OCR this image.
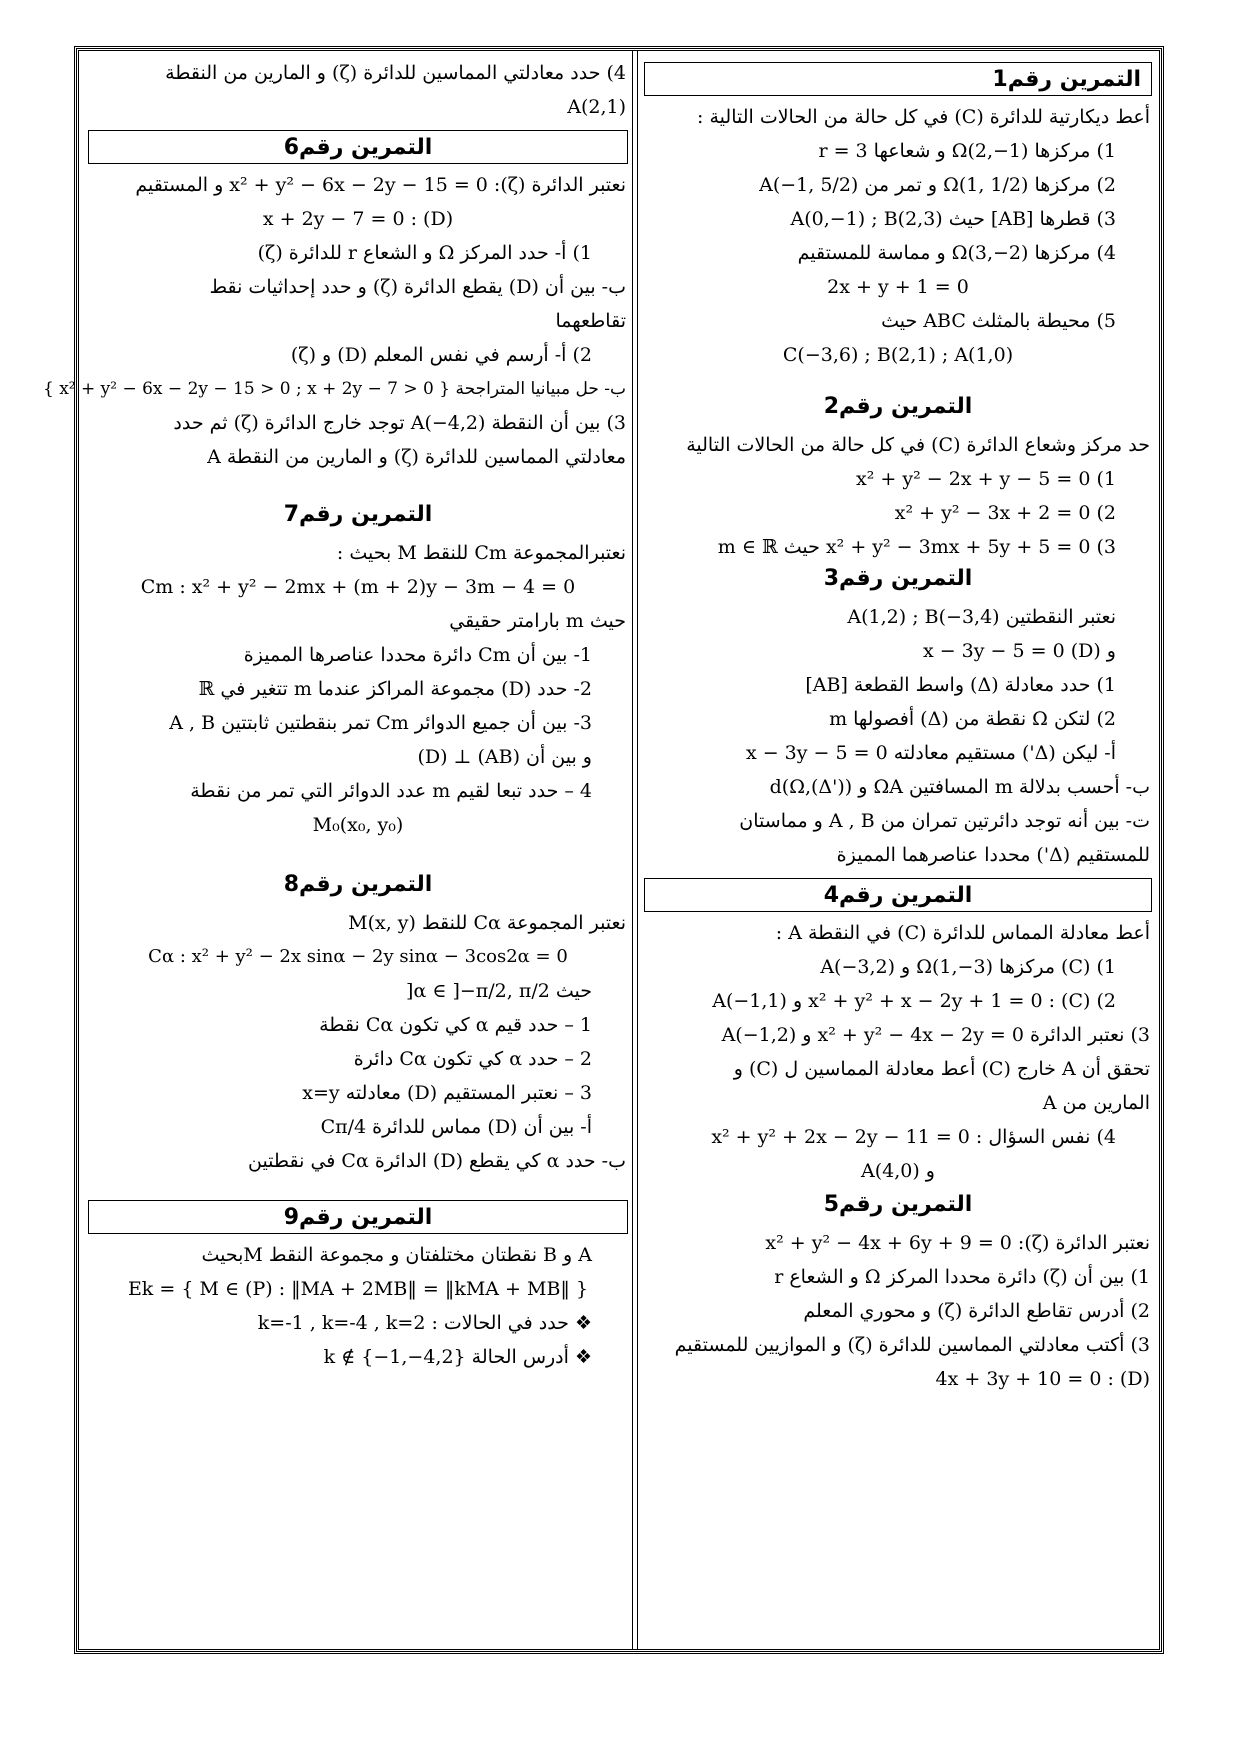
التمرين رقم1
أعط ديكارتية للدائرة (C) في كل حالة من الحالات التالية :
1) مركزها Ω(2,−1) و شعاعها r = 3
2) مركزها Ω(1, 1/2) و تمر من A(−1, 5/2)
3) قطرها [AB] حيث A(0,−1) ; B(2,3)
4) مركزها Ω(3,−2) و مماسة للمستقيم
2x + y + 1 = 0
5) محيطة بالمثلث ABC حيث
C(−3,6) ; B(2,1) ; A(1,0)
التمرين رقم2
حد مركز وشعاع الدائرة (C) في كل حالة من الحالات التالية
1) x² + y² − 2x + y − 5 = 0
2) x² + y² − 3x + 2 = 0
3) x² + y² − 3mx + 5y + 5 = 0 حيث m ∈ ℝ
التمرين رقم3
نعتبر النقطتين A(1,2) ; B(−3,4)
و (D) x − 3y − 5 = 0
1) حدد معادلة (Δ) واسط القطعة [AB]
2) لتكن Ω نقطة من (Δ) أفصولها m
أ- ليكن (Δ') مستقيم معادلته x − 3y − 5 = 0
ب- أحسب بدلالة m المسافتين ΩA و d(Ω,(Δ'))
ت- بين أنه توجد دائرتين تمران من A , B و مماستان
للمستقيم (Δ') محددا عناصرهما المميزة
التمرين رقم4
أعط معادلة المماس للدائرة (C) في النقطة A :
1) (C) مركزها Ω(1,−3) و A(−3,2)
2) (C) : x² + y² + x − 2y + 1 = 0 و A(−1,1)
3) نعتبر الدائرة x² + y² − 4x − 2y = 0 و A(−1,2)
تحقق أن A خارج (C) أعط معادلة المماسين ل (C) و
المارين من A
4) نفس السؤال : x² + y² + 2x − 2y − 11 = 0
و A(4,0)
التمرين رقم5
نعتبر الدائرة (ζ): x² + y² − 4x + 6y + 9 = 0
1) بين أن (ζ) دائرة محددا المركز Ω و الشعاع r
2) أدرس تقاطع الدائرة (ζ) و محوري المعلم
3) أكتب معادلتي المماسين للدائرة (ζ) و الموازيين للمستقيم
(D) : 4x + 3y + 10 = 0
4) حدد معادلتي المماسين للدائرة (ζ) و المارين من النقطة
A(2,1)
التمرين رقم6
نعتبر الدائرة (ζ): x² + y² − 6x − 2y − 15 = 0 و المستقيم
(D) : x + 2y − 7 = 0
1) أ- حدد المركز Ω و الشعاع r للدائرة (ζ)
ب- بين أن (D) يقطع الدائرة (ζ) و حدد إحداثيات نقط
تقاطعهما
2) أ- أرسم في نفس المعلم (D) و (ζ)
ب- حل مبيانيا المتراجحة { x² + y² − 6x − 2y − 15 > 0 ; x + 2y − 7 > 0 }
3) بين أن النقطة A(−4,2) توجد خارج الدائرة (ζ) ثم حدد
معادلتي المماسين للدائرة (ζ) و المارين من النقطة A
التمرين رقم7
نعتبرالمجموعة Cm للنقط M بحيث :
Cm : x² + y² − 2mx + (m + 2)y − 3m − 4 = 0
حيث m بارامتر حقيقي
1- بين أن Cm دائرة محددا عناصرها المميزة
2- حدد (D) مجموعة المراكز عندما m تتغير في ℝ
3- بين أن جميع الدوائر Cm تمر بنقطتين ثابتتين A , B
و بين أن (AB) ⊥ (D)
4 – حدد تبعا لقيم m عدد الدوائر التي تمر من نقطة
M₀(x₀, y₀)
التمرين رقم8
نعتبر المجموعة Cα للنقط M(x, y)
Cα : x² + y² − 2x sinα − 2y sinα − 3cos2α = 0
حيث α ∈ ]−π/2, π/2[
1 – حدد قيم α كي تكون Cα نقطة
2 – حدد α كي تكون Cα دائرة
3 – نعتبر المستقيم (D) معادلته x=y
أ- بين أن (D) مماس للدائرة Cπ/4
ب- حدد α كي يقطع (D) الدائرة Cα في نقطتين
التمرين رقم9
A و B نقطتان مختلفتان و مجموعة النقط Mبحيث
Ek = { M ∈ (P) : ‖MA + 2MB‖ = ‖kMA + MB‖ }
❖ حدد في الحالات : k=-1 , k=-4 , k=2
❖ أدرس الحالة k ∉ {−1,−4,2}
